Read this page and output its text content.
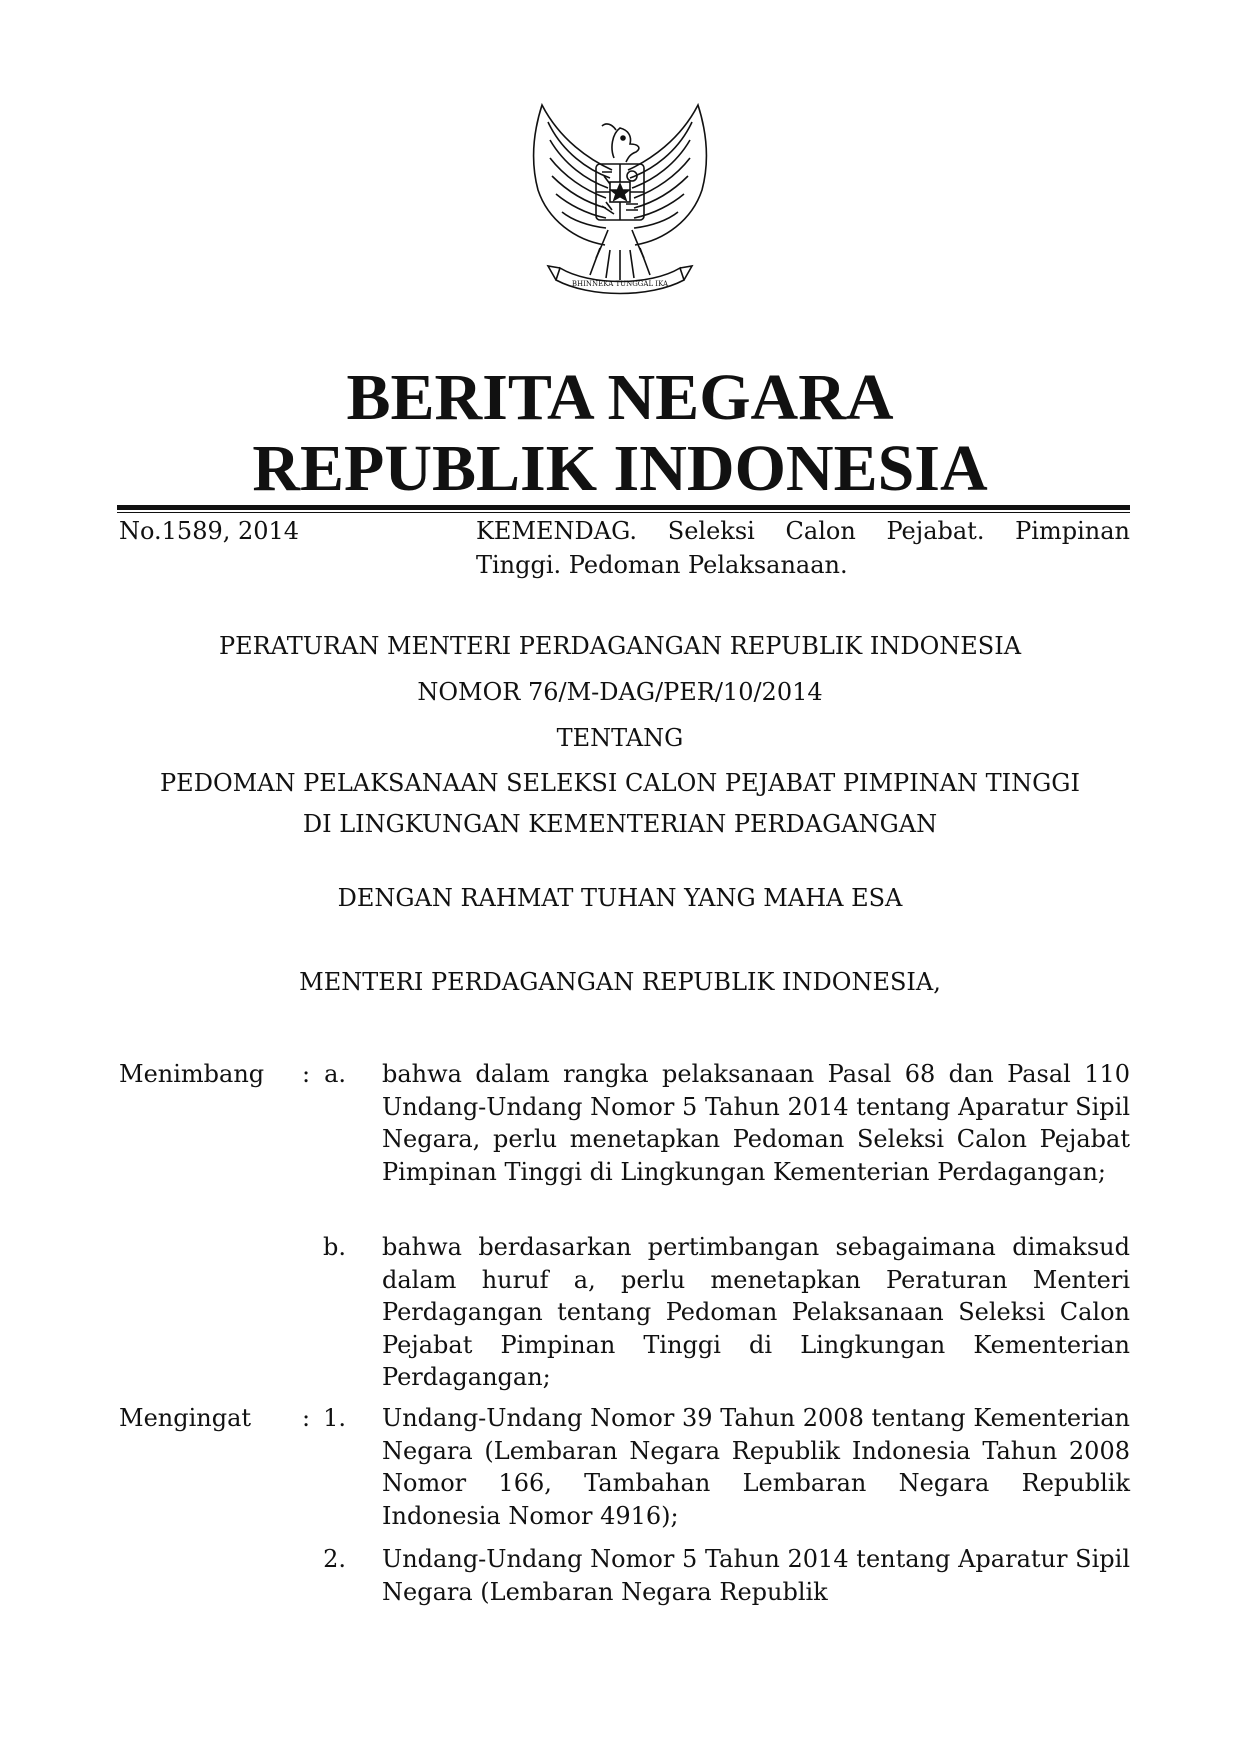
BHINNEKA TUNGGAL IKA
BERITA NEGARA
REPUBLIK INDONESIA
No.1589, 2014	KEMENDAG. Seleksi Calon Pejabat. Pimpinan Tinggi. Pedoman Pelaksanaan.
PERATURAN MENTERI PERDAGANGAN REPUBLIK INDONESIA
NOMOR 76/M-DAG/PER/10/2014
TENTANG
PEDOMAN PELAKSANAAN SELEKSI CALON PEJABAT PIMPINAN TINGGI
DI LINGKUNGAN KEMENTERIAN PERDAGANGAN
DENGAN RAHMAT TUHAN YANG MAHA ESA
MENTERI PERDAGANGAN REPUBLIK INDONESIA,
Menimbang : a. bahwa dalam rangka pelaksanaan Pasal 68 dan Pasal 110 Undang-Undang Nomor 5 Tahun 2014 tentang Aparatur Sipil Negara, perlu menetapkan Pedoman Seleksi Calon Pejabat Pimpinan Tinggi di Lingkungan Kementerian Perdagangan;
b. bahwa berdasarkan pertimbangan sebagaimana dimaksud dalam huruf a, perlu menetapkan Peraturan Menteri Perdagangan tentang Pedoman Pelaksanaan Seleksi Calon Pejabat Pimpinan Tinggi di Lingkungan Kementerian Perdagangan;
Mengingat : 1. Undang-Undang Nomor 39 Tahun 2008 tentang Kementerian Negara (Lembaran Negara Republik Indonesia Tahun 2008 Nomor 166, Tambahan Lembaran Negara Republik Indonesia Nomor 4916);
2. Undang-Undang Nomor 5 Tahun 2014 tentang Aparatur Sipil Negara (Lembaran Negara Republik
